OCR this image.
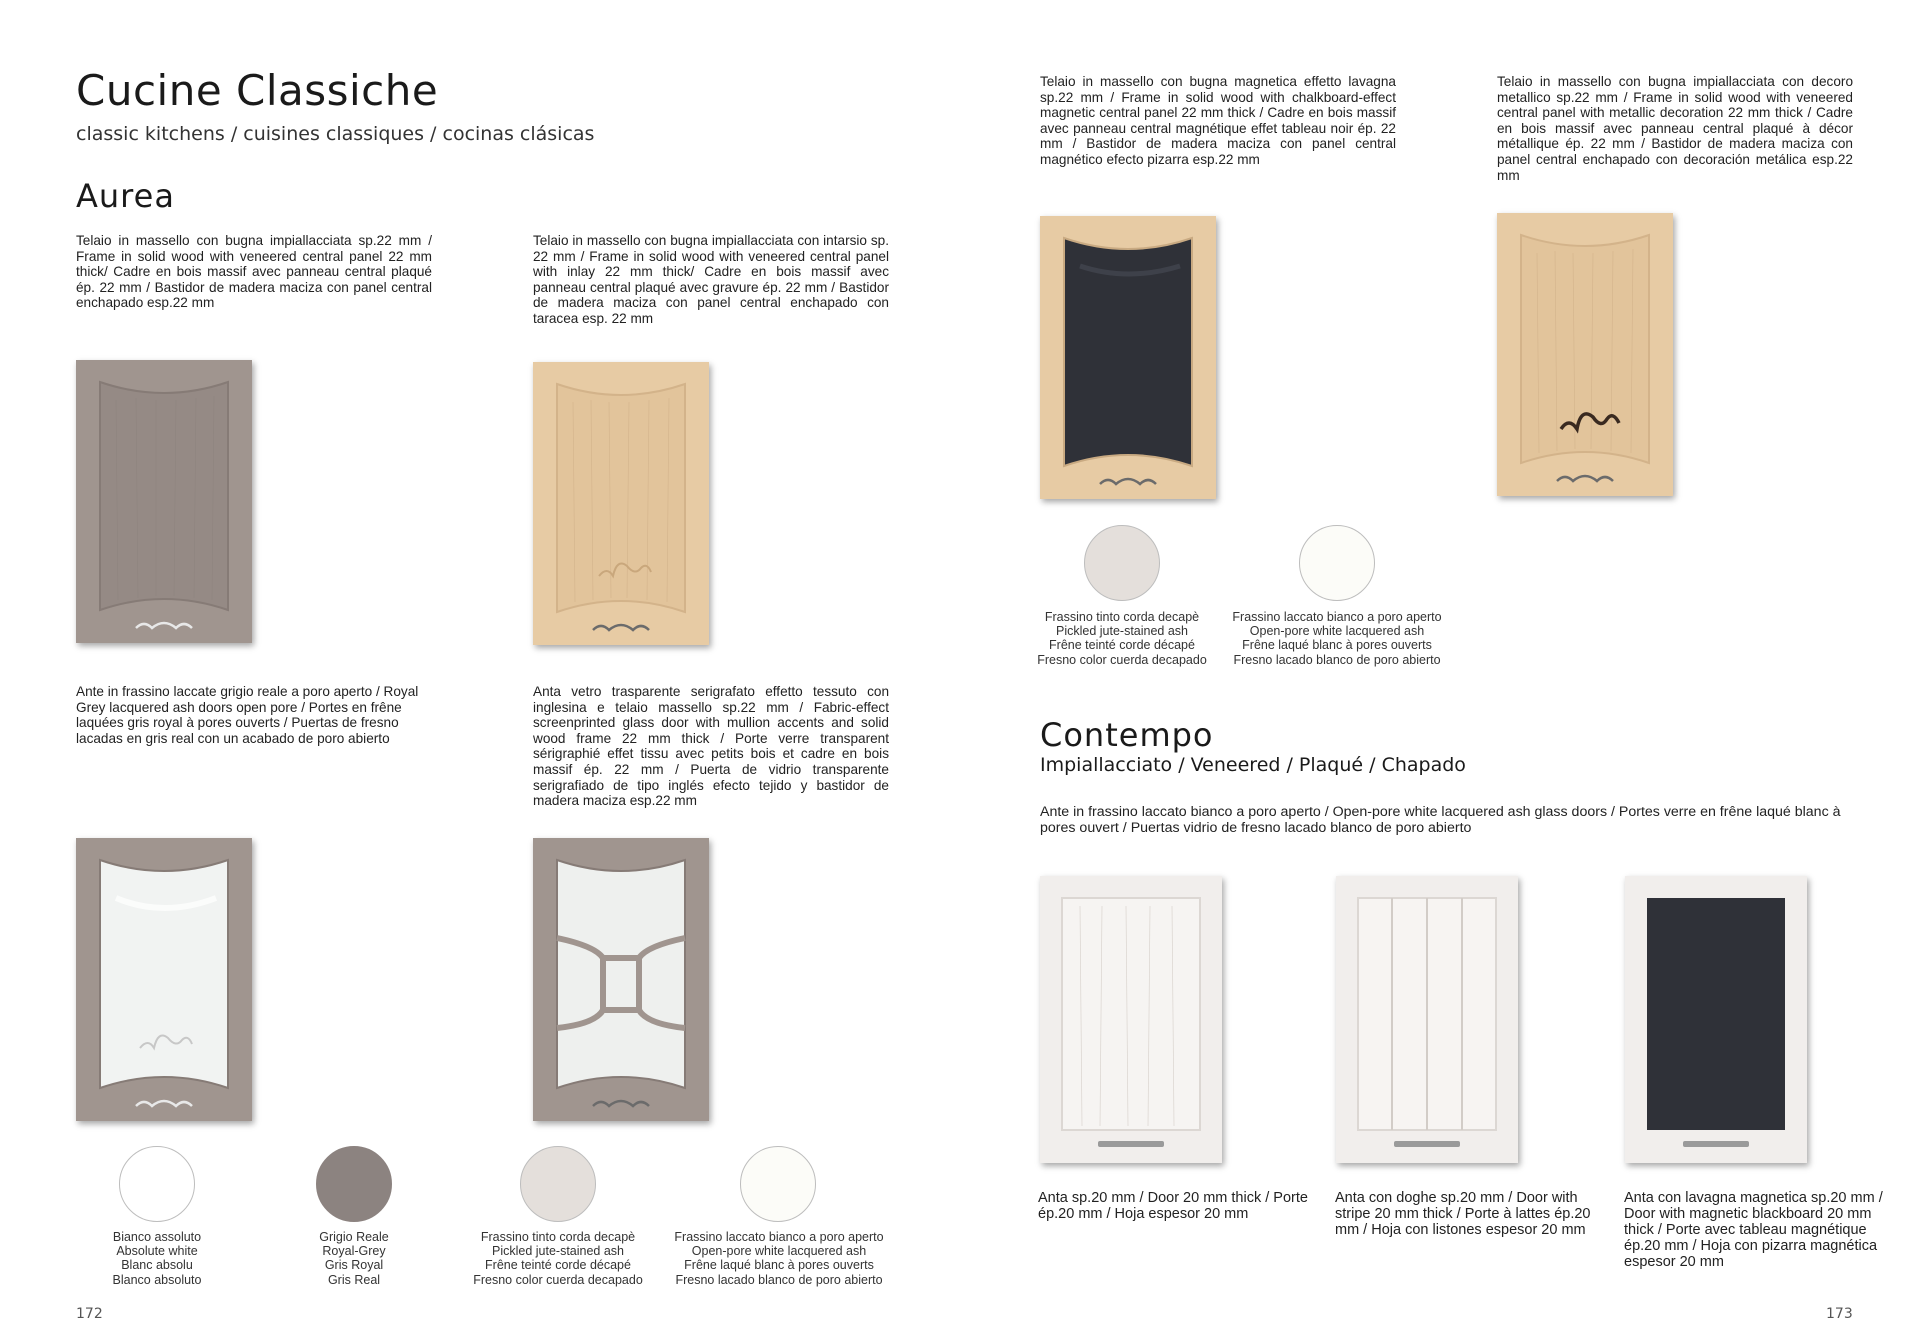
Cucine Classiche
classic kitchens / cuisines classiques / cocinas clásicas
Aurea
Telaio in massello con bugna impiallacciata sp.22 mm / Frame in solid wood with veneered central panel 22 mm thick/ Cadre en bois massif avec panneau central plaqué ép. 22 mm / Bastidor de madera maciza con panel central enchapado esp.22 mm
Telaio in massello con bugna impiallacciata con intarsio sp. 22 mm / Frame in solid wood with veneered central panel with inlay 22 mm thick/ Cadre en bois massif avec panneau central plaqué avec gravure ép. 22 mm / Bastidor de madera maciza con panel central enchapado con taracea esp. 22 mm
Ante in frassino laccate grigio reale a poro aperto / Royal Grey lacquered ash doors open pore / Portes en frêne laquées gris royal à pores ouverts / Puertas de fresno lacadas en gris real con un acabado de poro abierto
Anta vetro trasparente serigrafato effetto tessuto con inglesina e telaio massello sp.22 mm / Fabric-effect screenprinted glass door with mullion accents and solid wood frame 22 mm thick / Porte verre transparent sérigraphié effet tissu avec petits bois et cadre en bois massif ép. 22 mm / Puerta de vidrio transparente serigrafiado de tipo inglés efecto tejido y bastidor de madera maciza esp.22 mm
Bianco assoluto
Absolute white
Blanc absolu
Blanco absoluto
Grigio Reale
Royal-Grey
Gris Royal
Gris Real
Frassino tinto corda decapè
Pickled jute-stained ash
Frêne teinté corde décapé
Fresno color cuerda decapado
Frassino laccato bianco a poro aperto
Open-pore white lacquered ash
Frêne laqué blanc à pores ouverts
Fresno lacado blanco de poro abierto
172
Telaio in massello con bugna magnetica effetto lavagna sp.22 mm / Frame in solid wood with chalkboard-effect magnetic central panel 22 mm thick / Cadre en bois massif avec panneau central magnétique effet tableau noir ép. 22 mm / Bastidor de madera maciza con panel central magnético efecto pizarra esp.22 mm
Telaio in massello con bugna impiallacciata con decoro metallico sp.22 mm / Frame in solid wood with veneered central panel with metallic decoration 22 mm thick / Cadre en bois massif avec panneau central plaqué à décor métallique ép. 22 mm / Bastidor de madera maciza con panel central enchapado con decoración metálica esp.22 mm
Frassino tinto corda decapè
Pickled jute-stained ash
Frêne teinté corde décapé
Fresno color cuerda decapado
Frassino laccato bianco a poro aperto
Open-pore white lacquered ash
Frêne laqué blanc à pores ouverts
Fresno lacado blanco de poro abierto
Contempo
Impiallacciato / Veneered / Plaqué / Chapado
Ante in frassino laccato bianco a poro aperto / Open-pore white lacquered ash glass doors / Portes verre en frêne laqué blanc à pores ouvert / Puertas vidrio de fresno lacado blanco de poro abierto
Anta sp.20 mm / Door 20 mm thick / Porte ép.20 mm / Hoja espesor 20 mm
Anta con doghe sp.20 mm / Door with stripe 20 mm thick / Porte à lattes ép.20 mm / Hoja con listones espesor 20 mm
Anta con lavagna magnetica sp.20 mm / Door with magnetic blackboard 20 mm thick / Porte avec tableau magnétique ép.20 mm / Hoja con pizarra magnética espesor 20 mm
173
